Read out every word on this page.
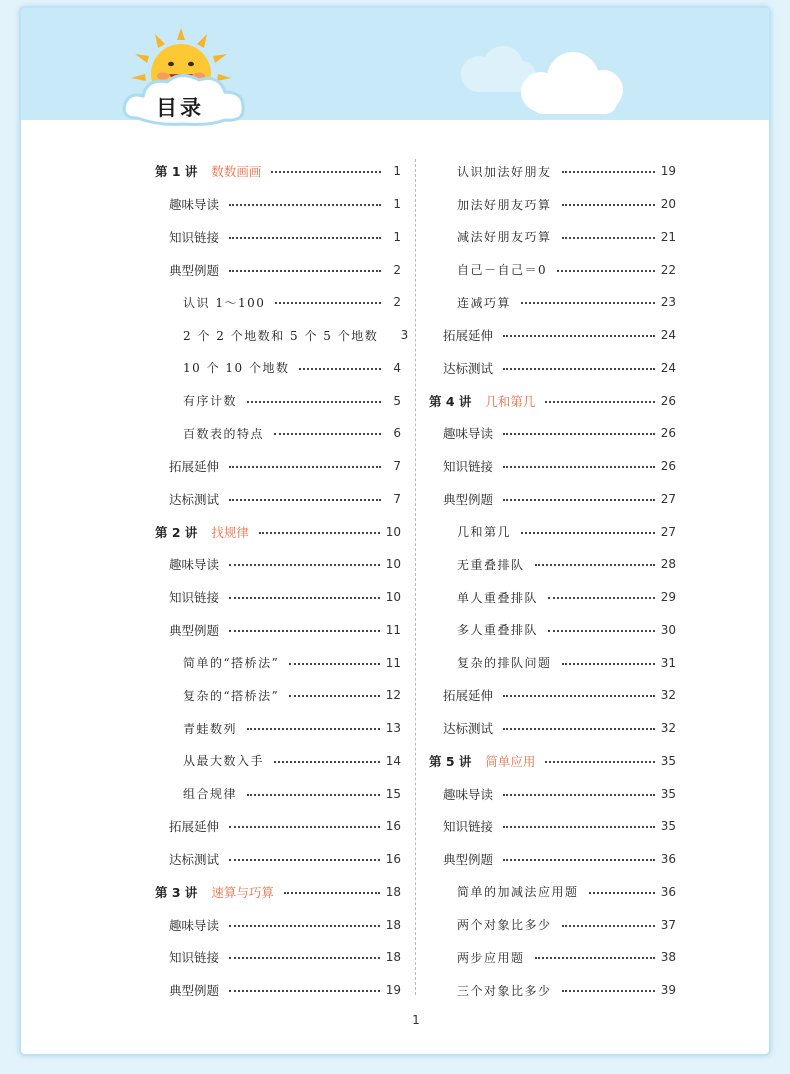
目录
第 1 讲 数数画画	1
趣味导读	1
知识链接	1
典型例题	2
认识 1～100	2
2 个 2 个地数和 5 个 5 个地数	3
10 个 10 个地数	4
有序计数	5
百数表的特点	6
拓展延伸	7
达标测试	7
第 2 讲 找规律	10
趣味导读	10
知识链接	10
典型例题	11
简单的“搭桥法”	11
复杂的“搭桥法”	12
青蛙数列	13
从最大数入手	14
组合规律	15
拓展延伸	16
达标测试	16
第 3 讲 速算与巧算	18
趣味导读	18
知识链接	18
典型例题	19
认识加法好朋友	19
加法好朋友巧算	20
减法好朋友巧算	21
自己－自己＝0	22
连减巧算	23
拓展延伸	24
达标测试	24
第 4 讲 几和第几	26
趣味导读	26
知识链接	26
典型例题	27
几和第几	27
无重叠排队	28
单人重叠排队	29
多人重叠排队	30
复杂的排队问题	31
拓展延伸	32
达标测试	32
第 5 讲 简单应用	35
趣味导读	35
知识链接	35
典型例题	36
简单的加减法应用题	36
两个对象比多少	37
两步应用题	38
三个对象比多少	39
1
